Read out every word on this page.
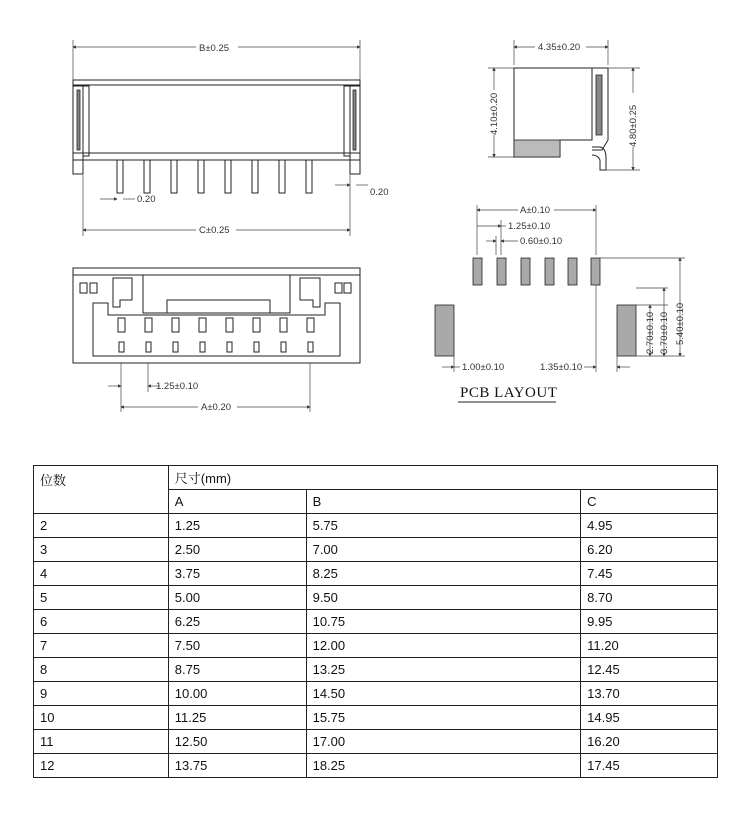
B±0.25
0.20
0.20
C±0.25
4.35±0.20
4.10±0.20	4.80±0.25
1.25±0.10
A±0.20
A±0.10
1.25±0.10
0.60±0.10
2.70±0.10 3.70±0.10 5.40±0.10
1.00±0.10	1.35±0.10
PCB LAYOUT
位数	尺寸(mm)		
	A	B	C
2	1.25	5.75	4.95
3	2.50	7.00	6.20
4	3.75	8.25	7.45
5	5.00	9.50	8.70
6	6.25	10.75	9.95
7	7.50	12.00	11.20
8	8.75	13.25	12.45
9	10.00	14.50	13.70
10	11.25	15.75	14.95
11	12.50	17.00	16.20
12	13.75	18.25	17.45
